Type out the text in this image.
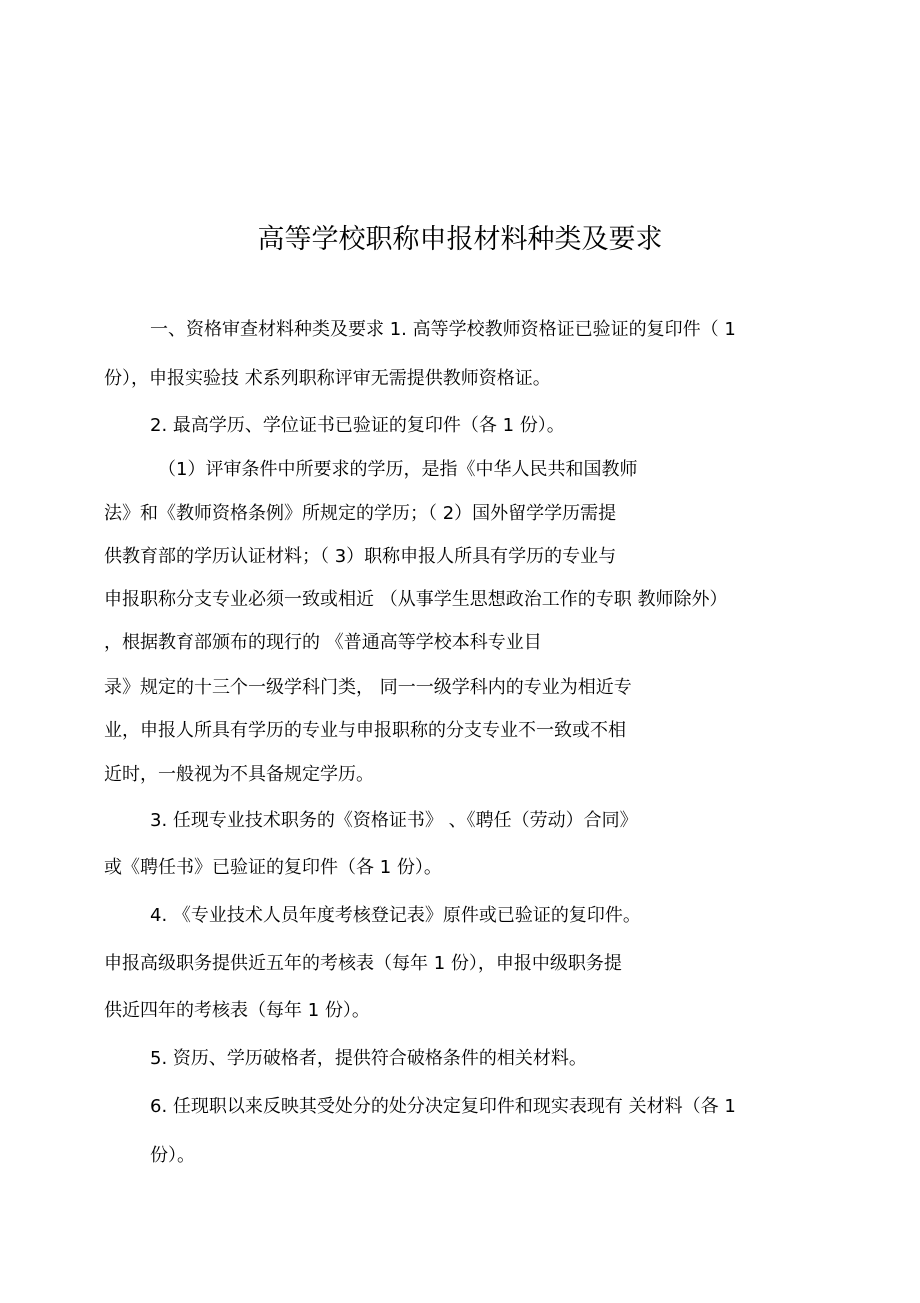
高等学校职称申报材料种类及要求
一、资格审查材料种类及要求 1. 高等学校教师资格证已验证的复印件（ 1
份），申报实验技 术系列职称评审无需提供教师资格证。
2. 最高学历、学位证书已验证的复印件（各 1 份）。
（1）评审条件中所要求的学历，是指《中华人民共和国教师
法》和《教师资格条例》所规定的学历；（ 2）国外留学学历需提
供教育部的学历认证材料；（ 3）职称申报人所具有学历的专业与
申报职称分支专业必须一致或相近 （从事学生思想政治工作的专职 教师除外）
，根据教育部颁布的现行的 《普通高等学校本科专业目
录》规定的十三个一级学科门类， 同一一级学科内的专业为相近专
业，申报人所具有学历的专业与申报职称的分支专业不一致或不相
近时，一般视为不具备规定学历。
3. 任现专业技术职务的《资格证书》 、《聘任（劳动）合同》
或《聘任书》已验证的复印件（各 1 份）。
4. 《专业技术人员年度考核登记表》原件或已验证的复印件。
申报高级职务提供近五年的考核表（每年 1 份），申报中级职务提
供近四年的考核表（每年 1 份）。
5. 资历、学历破格者，提供符合破格条件的相关材料。
6. 任现职以来反映其受处分的处分决定复印件和现实表现有 关材料（各 1
份）。
